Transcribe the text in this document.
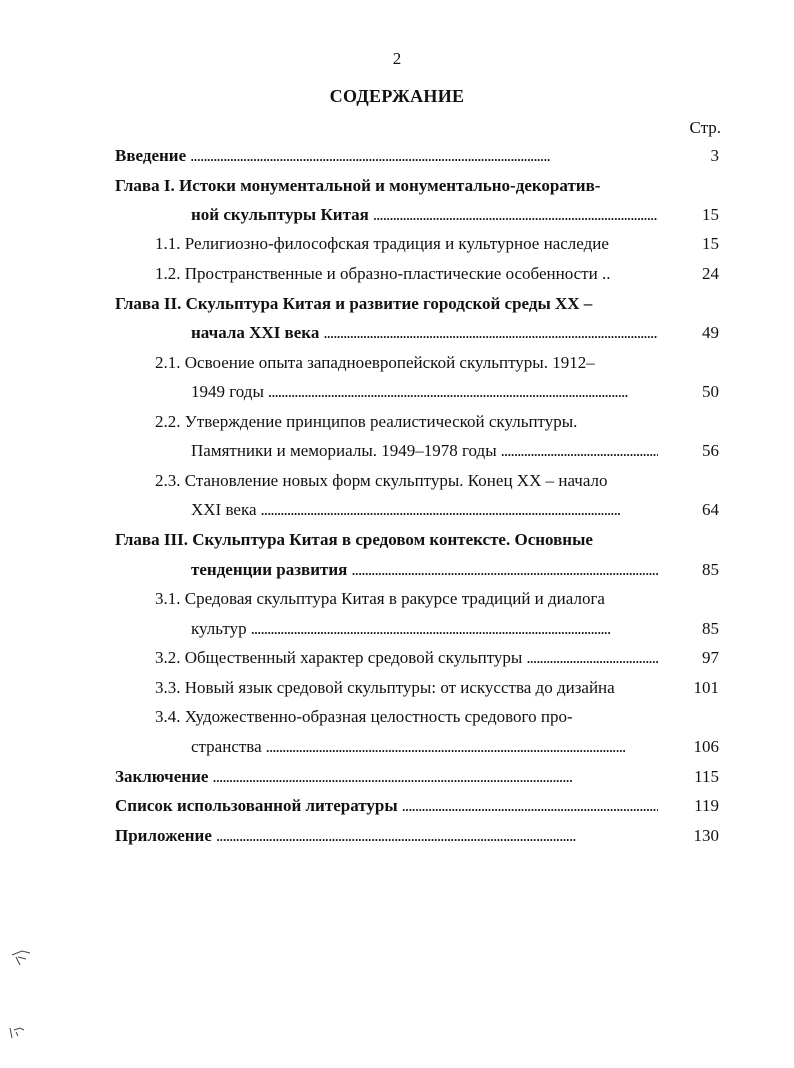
2
СОДЕРЖАНИЕ
Стр.
Введение . . .	3
Глава I. Истоки монументальной и монументально-декоратив-
ной скульптуры Китая . . .	15
1.1. Религиозно-философская традиция и культурное наследие	15
1.2. Пространственные и образно-пластические особенности ..	24
Глава II. Скульптура Китая и развитие городской среды XX –
начала XXI века . . .	49
2.1. Освоение опыта западноевропейской скульптуры. 1912–
1949 годы . . .	50
2.2. Утверждение принципов реалистической скульптуры.
Памятники и мемориалы. 1949–1978 годы . . .	56
2.3. Становление новых форм скульптуры. Конец XX – начало
XXI века . . .	64
Глава III. Скульптура Китая в средовом контексте. Основные
тенденции развития . . .	85
3.1. Средовая скульптура Китая в ракурсе традиций и диалога
культур . . .	85
3.2. Общественный характер средовой скульптуры . . .	97
3.3. Новый язык средовой скульптуры: от искусства до дизайна	101
3.4. Художественно-образная целостность средового про-
странства . . .	106
Заключение . . .	115
Список использованной литературы . . .	119
Приложение . . .	130
